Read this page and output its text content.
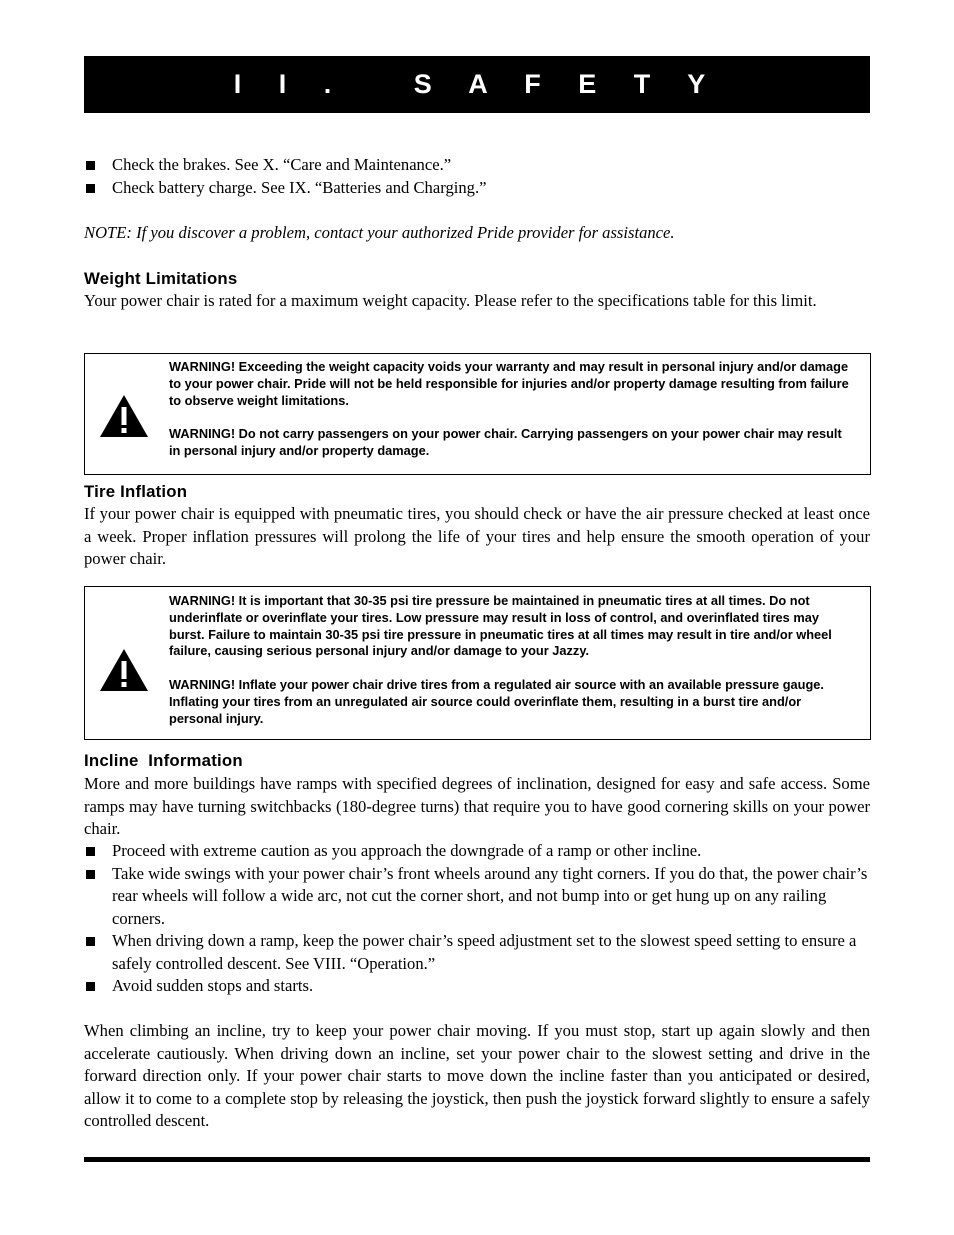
I I .   S A F E T Y
Check the brakes. See X. “Care and Maintenance.”
Check battery charge. See IX. “Batteries and Charging.”

NOTE: If you discover a problem, contact your authorized Pride provider for assistance.

Weight Limitations

Your power chair is rated for a maximum weight capacity. Please refer to the specifications table for this limit.

WARNING! Exceeding the weight capacity voids your warranty and may result in personal injury and/or damage to your power chair. Pride will not be held responsible for injuries and/or property damage resulting from failure to observe weight limitations.

WARNING! Do not carry passengers on your power chair. Carrying passengers on your power chair may result in personal injury and/or property damage.

Tire Inflation

If your power chair is equipped with pneumatic tires, you should check or have the air pressure checked at least once a week. Proper inflation pressures will prolong the life of your tires and help ensure the smooth operation of your power chair.

WARNING! It is important that 30-35 psi tire pressure be maintained in pneumatic tires at all times. Do not underinflate or overinflate your tires. Low pressure may result in loss of control, and overinflated tires may burst. Failure to maintain 30-35 psi tire pressure in pneumatic tires at all times may result in tire and/or wheel failure, causing serious personal injury and/or damage to your Jazzy.

WARNING! Inflate your power chair drive tires from a regulated air source with an available pressure gauge. Inflating your tires from an unregulated air source could overinflate them, resulting in a burst tire and/or personal injury.

Incline  Information

More and more buildings have ramps with specified degrees of inclination, designed for easy and safe access. Some ramps may have turning switchbacks (180-degree turns) that require you to have good cornering skills on your power chair.

Proceed with extreme caution as you approach the downgrade of a ramp or other incline.
Take wide swings with your power chair’s front wheels around any tight corners. If you do that, the power chair’s rear wheels will follow a wide arc, not cut the corner short, and not bump into or get hung up on any railing corners.
When driving down a ramp, keep the power chair’s speed adjustment set to the slowest speed setting to ensure a safely controlled descent. See VIII. “Operation.”
Avoid sudden stops and starts.

When climbing an incline, try to keep your power chair moving. If you must stop, start up again slowly and then accelerate cautiously. When driving down an incline, set your power chair to the slowest setting and drive in the forward direction only. If your power chair starts to move down the incline faster than you anticipated or desired, allow it to come to a complete stop by releasing the joystick, then push the joystick forward slightly to ensure a safely controlled descent.
